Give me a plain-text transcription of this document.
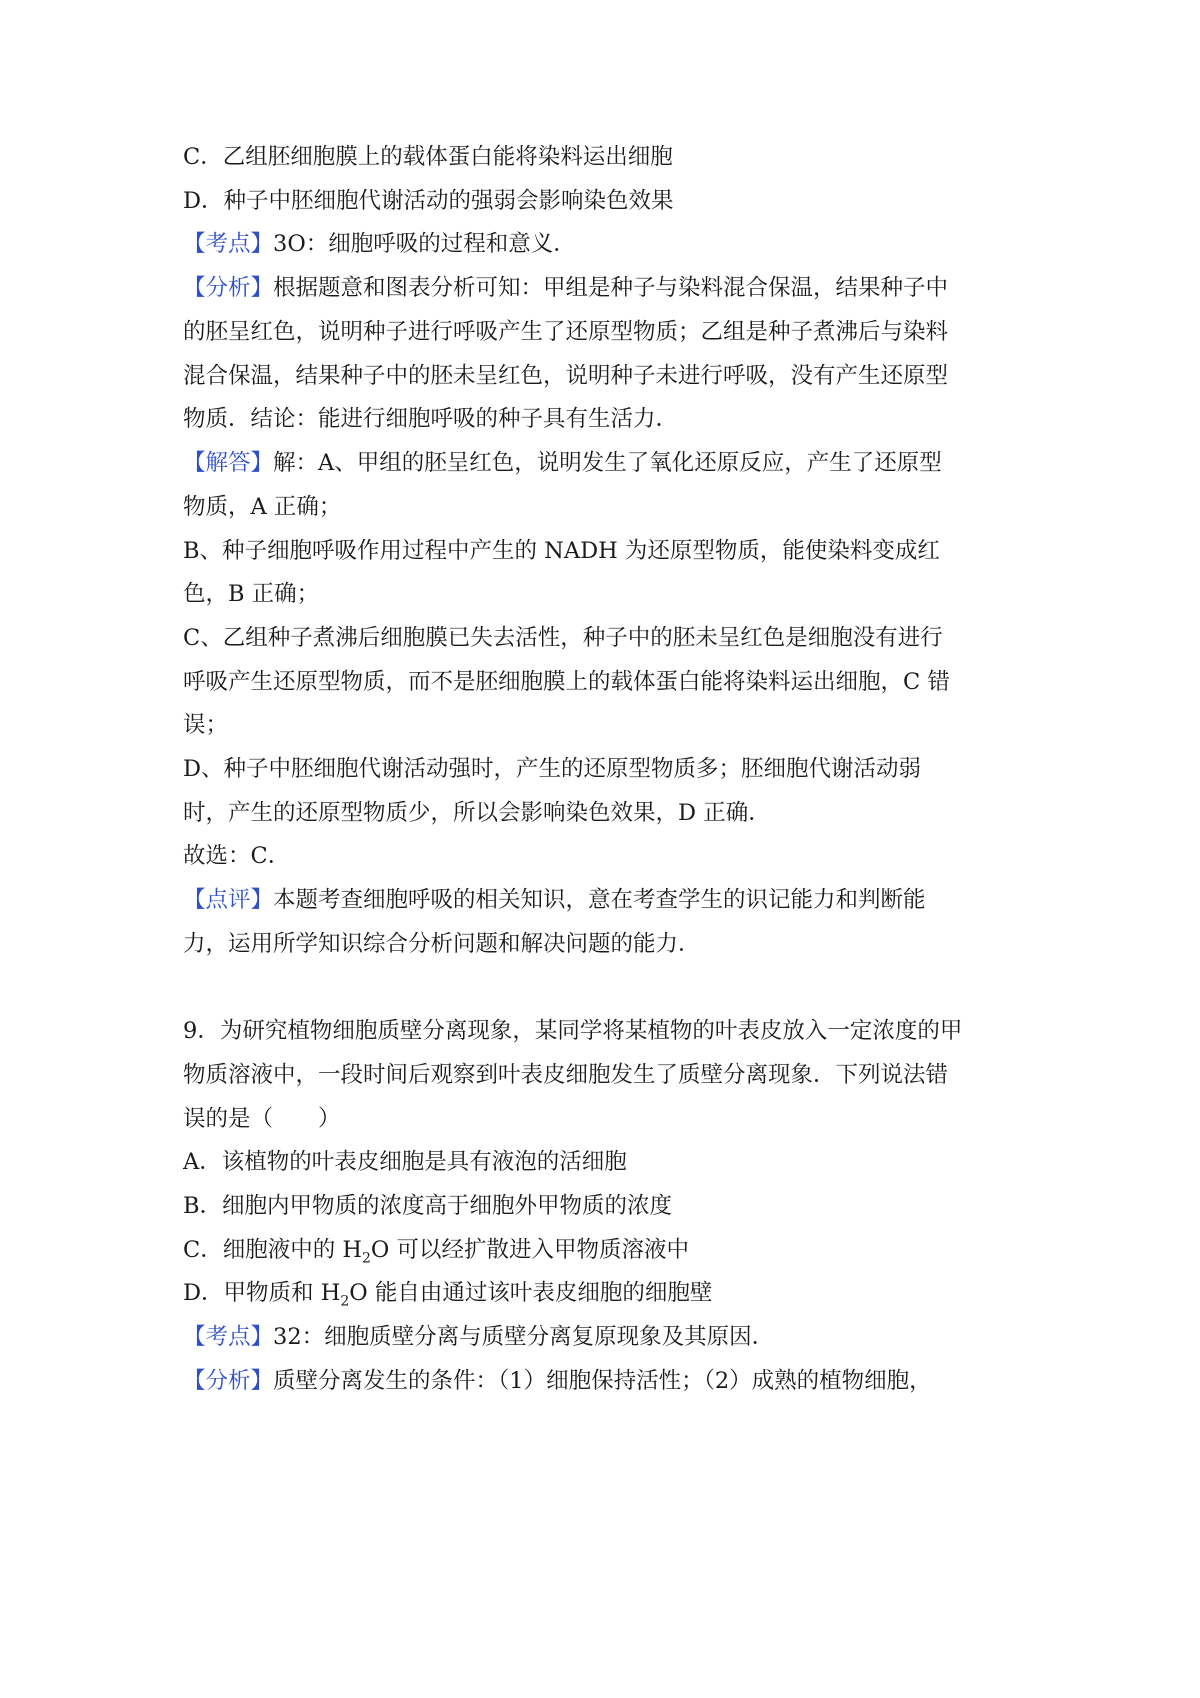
C．乙组胚细胞膜上的载体蛋白能将染料运出细胞
D．种子中胚细胞代谢活动的强弱会影响染色效果
【考点】3O：细胞呼吸的过程和意义．
【分析】根据题意和图表分析可知：甲组是种子与染料混合保温，结果种子中
的胚呈红色，说明种子进行呼吸产生了还原型物质；乙组是种子煮沸后与染料
混合保温，结果种子中的胚未呈红色，说明种子未进行呼吸，没有产生还原型
物质．结论：能进行细胞呼吸的种子具有生活力．
【解答】解：A、甲组的胚呈红色，说明发生了氧化还原反应，产生了还原型
物质，A 正确；
B、种子细胞呼吸作用过程中产生的 NADH 为还原型物质，能使染料变成红
色，B 正确；
C、乙组种子煮沸后细胞膜已失去活性，种子中的胚未呈红色是细胞没有进行
呼吸产生还原型物质，而不是胚细胞膜上的载体蛋白能将染料运出细胞，C 错
误；
D、种子中胚细胞代谢活动强时，产生的还原型物质多；胚细胞代谢活动弱
时，产生的还原型物质少，所以会影响染色效果，D 正确．
故选：C．
【点评】本题考查细胞呼吸的相关知识，意在考查学生的识记能力和判断能
力，运用所学知识综合分析问题和解决问题的能力．
9．为研究植物细胞质壁分离现象，某同学将某植物的叶表皮放入一定浓度的甲
物质溶液中，一段时间后观察到叶表皮细胞发生了质壁分离现象．下列说法错
误的是（　　）
A．该植物的叶表皮细胞是具有液泡的活细胞
B．细胞内甲物质的浓度高于细胞外甲物质的浓度
C．细胞液中的 $H_2O$ 可以经扩散进入甲物质溶液中
D．甲物质和 $H_2O$ 能自由通过该叶表皮细胞的细胞壁
【考点】32：细胞质壁分离与质壁分离复原现象及其原因．
【分析】质壁分离发生的条件：（1）细胞保持活性；（2）成熟的植物细胞，
